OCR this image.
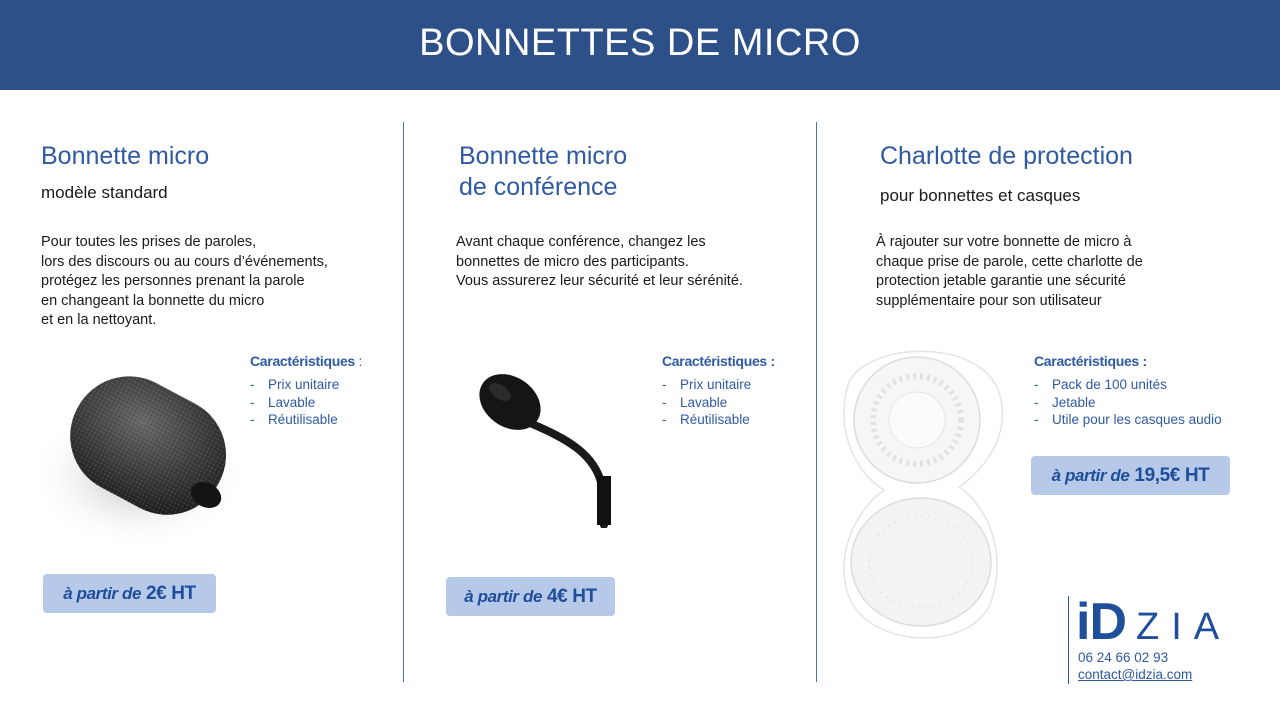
BONNETTES DE MICRO
Bonnette micro
modèle standard
Pour toutes les prises de paroles,
lors des discours ou au cours d’événements,
protégez les personnes prenant la parole
en changeant la bonnette du micro
et en la nettoyant.
Caractéristiques :
- Prix unitaire
- Lavable
- Réutilisable
à partir de 2€ HT
Bonnette micro
de conférence
Avant chaque conférence, changez les
bonnettes de micro des participants.
Vous assurerez leur sécurité et leur sérénité.
Caractéristiques :
- Prix unitaire
- Lavable
- Réutilisable
à partir de 4€ HT
Charlotte de protection
pour bonnettes et casques
À rajouter sur votre bonnette de micro à
chaque prise de parole, cette charlotte de
protection jetable garantie une sécurité
supplémentaire pour son utilisateur
Caractéristiques :
- Pack de 100 unités
- Jetable
- Utile pour les casques audio
à partir de 19,5€ HT
iD ZIA
06 24 66 02 93
contact@idzia.com
